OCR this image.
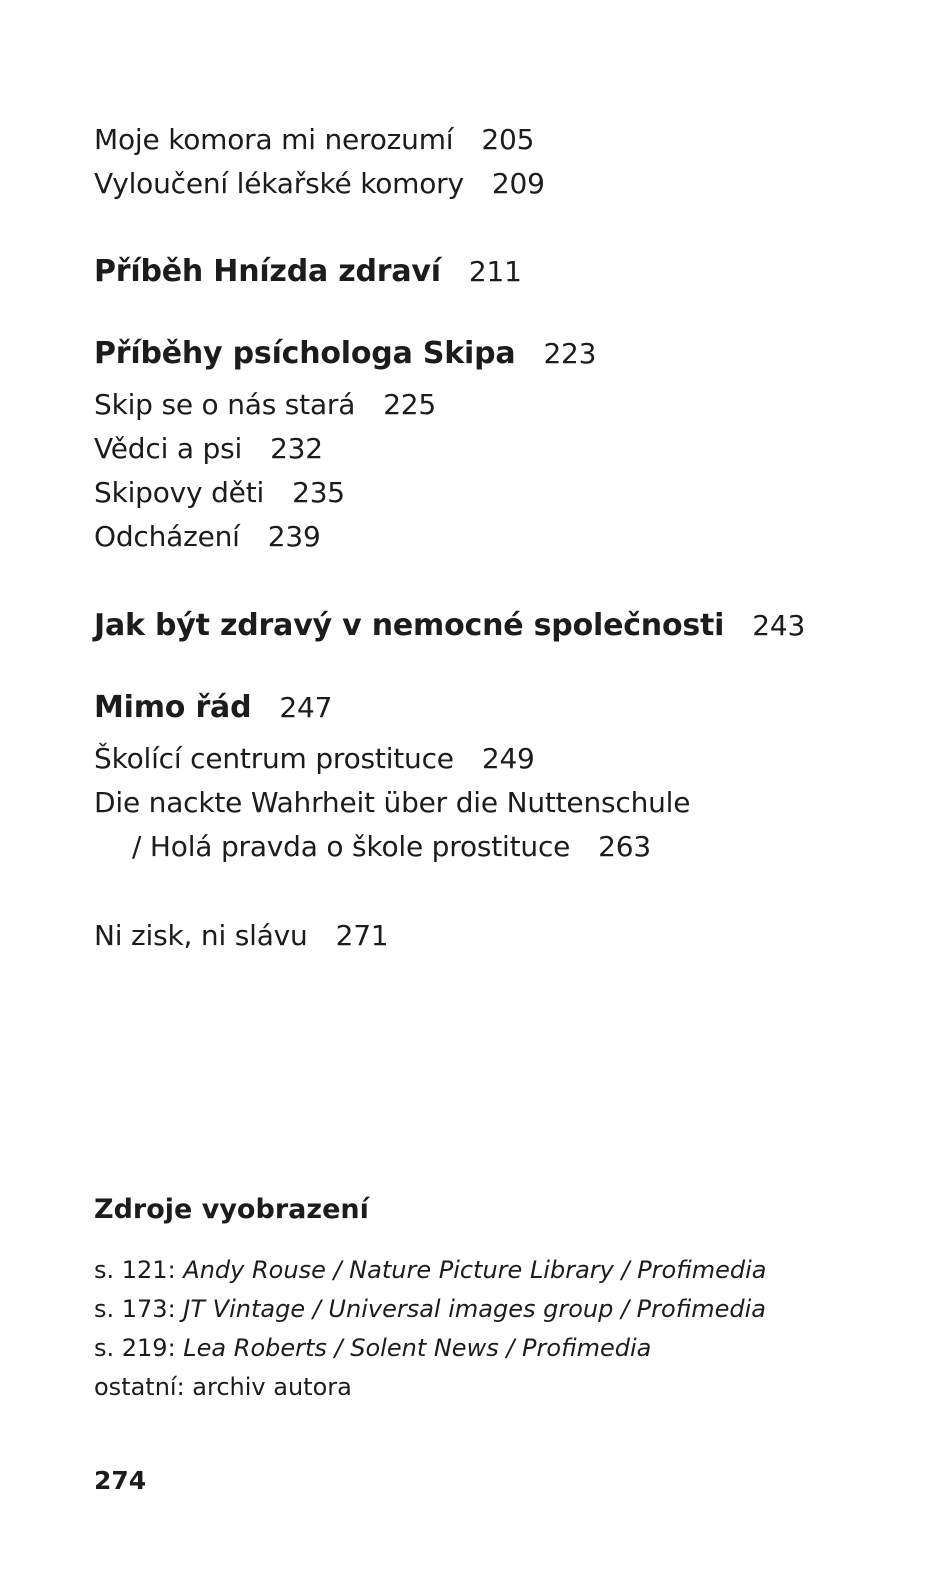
Moje komora mi nerozumí 205
Vyloučení lékařské komory 209
Příběh Hnízda zdraví 211
Příběhy psíchologa Skipa 223
Skip se o nás stará 225
Vědci a psi 232
Skipovy děti 235
Odcházení 239
Jak být zdravý v nemocné společnosti 243
Mimo řád 247
Školící centrum prostituce 249
Die nackte Wahrheit über die Nuttenschule
/ Holá pravda o škole prostituce 263
Ni zisk, ni slávu 271
Zdroje vyobrazení
s. 121: Andy Rouse / Nature Picture Library / Profimedia
s. 173: JT Vintage / Universal images group / Profimedia
s. 219: Lea Roberts / Solent News / Profimedia
ostatní: archiv autora
274
